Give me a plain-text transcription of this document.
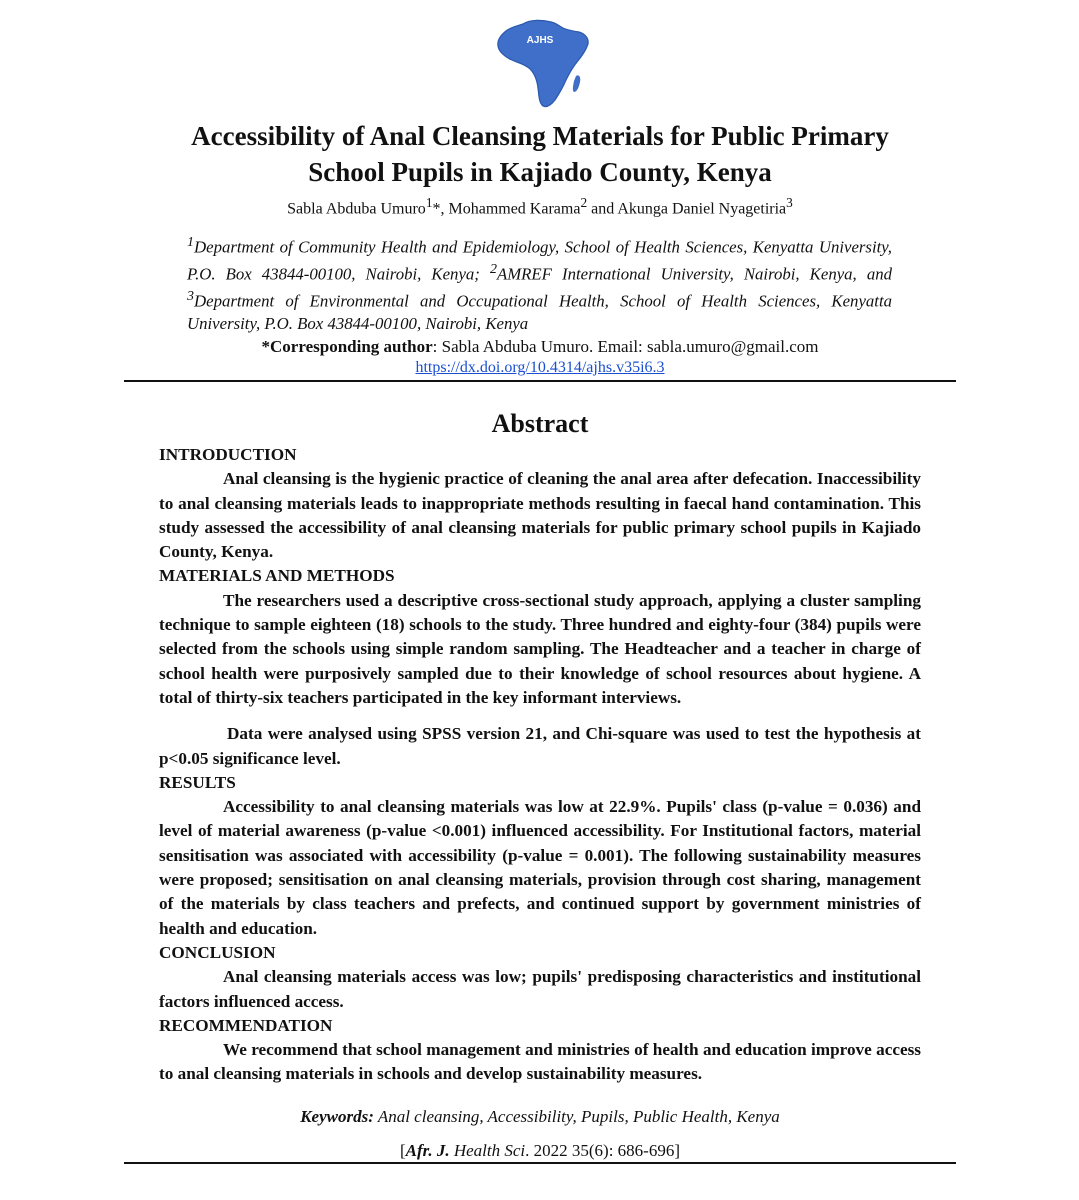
AJHS
Accessibility of Anal Cleansing Materials for Public Primary
School Pupils in Kajiado County, Kenya
Sabla Abduba Umuro$^1$*, Mohammed Karama$^2$ and Akunga Daniel Nyagetiria$^3$
$^1$Department of Community Health and Epidemiology, School of Health Sciences, Kenyatta University, P.O. Box 43844-00100, Nairobi, Kenya; $^2$AMREF International University, Nairobi, Kenya, and $^3$Department of Environmental and Occupational Health, School of Health Sciences, Kenyatta University, P.O. Box 43844-00100, Nairobi, Kenya
*Corresponding author: Sabla Abduba Umuro. Email: sabla.umuro@gmail.com
https://dx.doi.org/10.4314/ajhs.v35i6.3
Abstract
INTRODUCTION

Anal cleansing is the hygienic practice of cleaning the anal area after defecation. Inaccessibility to anal cleansing materials leads to inappropriate methods resulting in faecal hand contamination. This study assessed the accessibility of anal cleansing materials for public primary school pupils in Kajiado County, Kenya.

MATERIALS AND METHODS

The researchers used a descriptive cross-sectional study approach, applying a cluster sampling technique to sample eighteen (18) schools to the study. Three hundred and eighty-four (384) pupils were selected from the schools using simple random sampling. The Headteacher and a teacher in charge of school health were purposively sampled due to their knowledge of school resources about hygiene. A total of thirty-six teachers participated in the key informant interviews.

Data were analysed using SPSS version 21, and Chi-square was used to test the hypothesis at p<0.05 significance level.

RESULTS

Accessibility to anal cleansing materials was low at 22.9%. Pupils' class (p-value = 0.036) and level of material awareness (p-value <0.001) influenced accessibility. For Institutional factors, material sensitisation was associated with accessibility (p-value = 0.001). The following sustainability measures were proposed; sensitisation on anal cleansing materials, provision through cost sharing, management of the materials by class teachers and prefects, and continued support by government ministries of health and education.

CONCLUSION

Anal cleansing materials access was low; pupils' predisposing characteristics and institutional factors influenced access.

RECOMMENDATION

We recommend that school management and ministries of health and education improve access to anal cleansing materials in schools and develop sustainability measures.

Keywords: Anal cleansing, Accessibility, Pupils, Public Health, Kenya
[Afr. J. Health Sci. 2022 35(6): 686-696]
